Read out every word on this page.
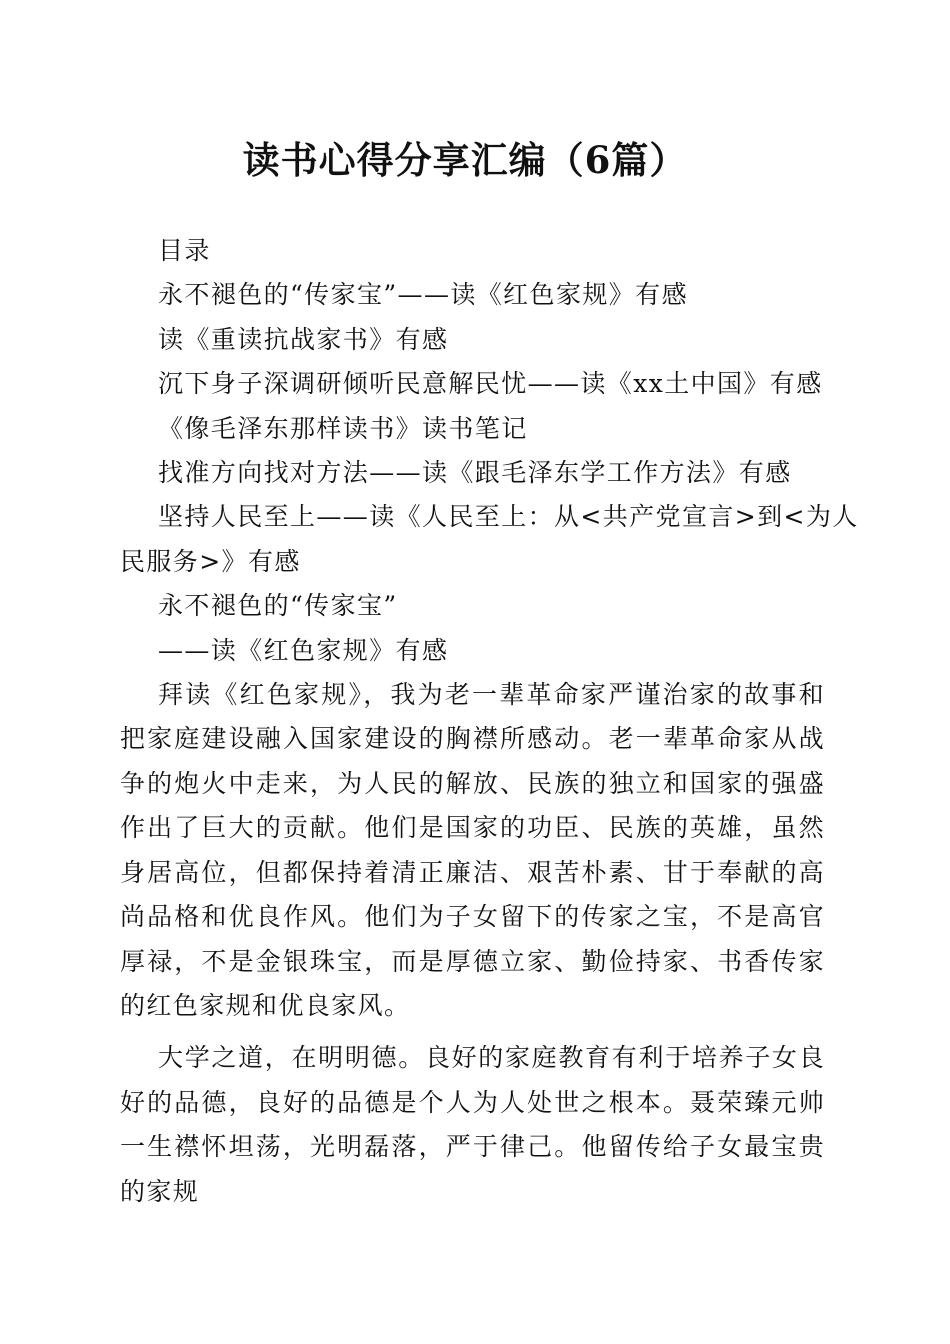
读书心得分享汇编（6篇）
目录
永不褪色的“传家宝”——读《红色家规》有感
读《重读抗战家书》有感
沉下身子深调研倾听民意解民忧——读《xx土中国》有感
《像毛泽东那样读书》读书笔记
找准方向找对方法——读《跟毛泽东学工作方法》有感
坚持人民至上——读《人民至上：从<共产党宣言>到<为人
民服务>》有感
永不褪色的“传家宝”
——读《红色家规》有感

拜读《红色家规》，我为老一辈革命家严谨治家的故事和把家庭建设融入国家建设的胸襟所感动。老一辈革命家从战争的炮火中走来，为人民的解放、民族的独立和国家的强盛作出了巨大的贡献。他们是国家的功臣、民族的英雄，虽然身居高位，但都保持着清正廉洁、艰苦朴素、甘于奉献的高尚品格和优良作风。他们为子女留下的传家之宝，不是高官厚禄，不是金银珠宝，而是厚德立家、勤俭持家、书香传家的红色家规和优良家风。

大学之道，在明明德。良好的家庭教育有利于培养子女良好的品德，良好的品德是个人为人处世之根本。聂荣臻元帅一生襟怀坦荡，光明磊落，严于律己。他留传给子女最宝贵的家规
